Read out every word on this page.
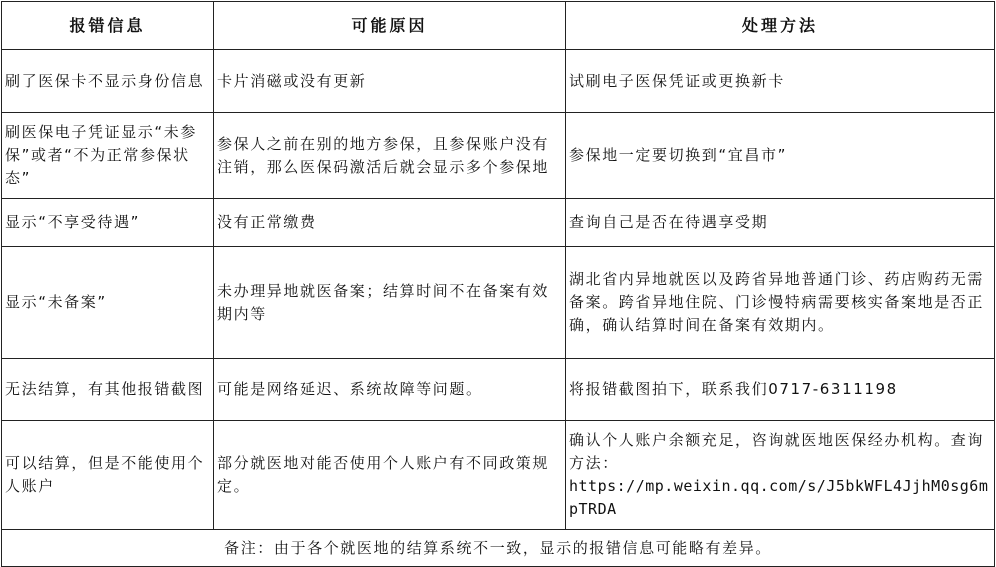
报错信息	可能原因	处理方法
刷了医保卡不显示身份信息	卡片消磁或没有更新	试刷电子医保凭证或更换新卡
刷医保电子凭证显示“未参保”或者“不为正常参保状态”	参保人之前在别的地方参保，且参保账户没有注销，那么医保码激活后就会显示多个参保地	参保地一定要切换到“宜昌市”
显示“不享受待遇”	没有正常缴费	查询自己是否在待遇享受期
显示“未备案”	未办理异地就医备案；结算时间不在备案有效期内等	湖北省内异地就医以及跨省异地普通门诊、药店购药无需备案。跨省异地住院、门诊慢特病需要核实备案地是否正确，确认结算时间在备案有效期内。
无法结算，有其他报错截图	可能是网络延迟、系统故障等问题。	将报错截图拍下，联系我们0717-6311198
可以结算，但是不能使用个人账户	部分就医地对能否使用个人账户有不同政策规定。	确认个人账户余额充足，咨询就医地医保经办机构。查询方法：
https://mp.weixin.qq.com/s/J5bkWFL4JjhM0sg6mpTRDA
备注：由于各个就医地的结算系统不一致，显示的报错信息可能略有差异。		
